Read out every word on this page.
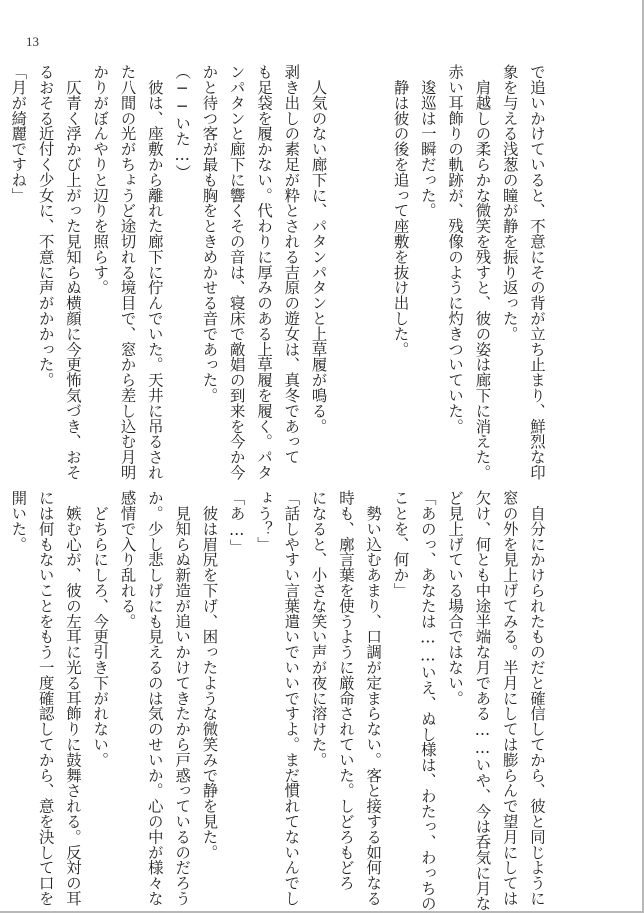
13
で追いかけていると、不意にその背が立ち止まり、鮮烈な印
象を与える浅葱の瞳が静を振り返った。
　肩越しの柔らかな微笑を残すと、彼の姿は廊下に消えた。
赤い耳飾りの軌跡が、残像のように灼きついていた。
　逡巡は一瞬だった。
　静は彼の後を追って座敷を抜け出した。

　人気のない廊下に、パタンパタンと上草履が鳴る。
剥き出しの素足が粋とされる吉原の遊女は、真冬であって
も足袋を履かない。代わりに厚みのある上草履を履く。パタ
ンパタンと廊下に響くその音は、寝床で敵娼の到来を今か今
かと待つ客が最も胸をときめかせる音であった。
（──いた…）
　彼は、座敷から離れた廊下に佇んでいた。天井に吊るされ
た八間の光がちょうど途切れる境目で、窓から差し込む月明
かりがぼんやりと辺りを照らす。
　仄青く浮かび上がった見知らぬ横顔に今更怖気づき、おそ
るおそる近付く少女に、不意に声がかかった。
「月が綺麗ですね」
　自分にかけられたものだと確信してから、彼と同じように
窓の外を見上げてみる。半月にしては膨らんで望月にしては
欠け、何とも中途半端な月である……いや、今は呑気に月な
ど見上げている場合ではない。
「あのっ、あなたは……いえ、ぬし様は、わたっ、わっちの
ことを、何か」
　勢い込むあまり、口調が定まらない。客と接する如何なる
時も、廓言葉を使うように厳命されていた。しどろもどろ
になると、小さな笑い声が夜に溶けた。
「話しやすい言葉遣いでいいですよ。まだ慣れてないんでし
ょう？」
「あ…」
　彼は眉尻を下げ、困ったような微笑みで静を見た。
　見知らぬ新造が追いかけてきたから戸惑っているのだろう
か。少し悲しげにも見えるのは気のせいか。心の中が様々な
感情で入り乱れる。
　どちらにしろ、今更引き下がれない。
　嫉む心が、彼の左耳に光る耳飾りに鼓舞される。反対の耳
には何もないことをもう一度確認してから、意を決して口を
開いた。
